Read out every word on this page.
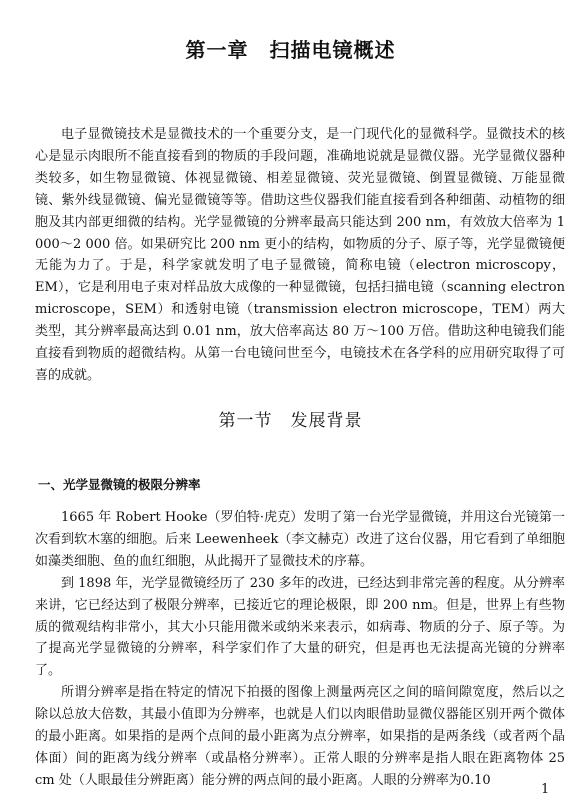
第一章　扫描电镜概述

电子显微镜技术是显微技术的一个重要分支，是一门现代化的显微科学。显微技术的核心是显示肉眼所不能直接看到的物质的手段问题，准确地说就是显微仪器。光学显微仪器种类较多，如生物显微镜、体视显微镜、相差显微镜、荧光显微镜、倒置显微镜、万能显微镜、紫外线显微镜、偏光显微镜等等。借助这些仪器我们能直接看到各种细菌、动植物的细胞及其内部更细微的结构。光学显微镜的分辨率最高只能达到 200 nm，有效放大倍率为 1 000～2 000 倍。如果研究比 200 nm 更小的结构，如物质的分子、原子等，光学显微镜便无能为力了。于是，科学家就发明了电子显微镜，简称电镜（electron microscopy，EM），它是利用电子束对样品放大成像的一种显微镜，包括扫描电镜（scanning electron microscope，SEM）和透射电镜（transmission electron microscope，TEM）两大类型，其分辨率最高达到 0.01 nm，放大倍率高达 80 万～100 万倍。借助这种电镜我们能直接看到物质的超微结构。从第一台电镜问世至今，电镜技术在各学科的应用研究取得了可喜的成就。

第一节　发展背景
一、光学显微镜的极限分辨率

1665 年 Robert Hooke（罗伯特·虎克）发明了第一台光学显微镜，并用这台光镜第一次看到软木塞的细胞。后来 Leewenheek（李文赫克）改进了这台仪器，用它看到了单细胞如藻类细胞、鱼的血红细胞，从此揭开了显微技术的序幕。

到 1898 年，光学显微镜经历了 230 多年的改进，已经达到非常完善的程度。从分辨率来讲，它已经达到了极限分辨率，已接近它的理论极限，即 200 nm。但是，世界上有些物质的微观结构非常小，其大小只能用微米或纳米来表示，如病毒、物质的分子、原子等。为了提高光学显微镜的分辨率，科学家们作了大量的研究，但是再也无法提高光镜的分辨率了。

所谓分辨率是指在特定的情况下拍摄的图像上测量两亮区之间的暗间隙宽度，然后以之除以总放大倍数，其最小值即为分辨率，也就是人们以肉眼借助显微仪器能区别开两个微体的最小距离。如果指的是两个点间的最小距离为点分辨率，如果指的是两条线（或者两个晶体面）间的距离为线分辨率（或晶格分辨率）。正常人眼的分辨率是指人眼在距离物体 25 cm 处（人眼最佳分辨距离）能分辨的两点间的最小距离。人眼的分辨率为0.10

1
